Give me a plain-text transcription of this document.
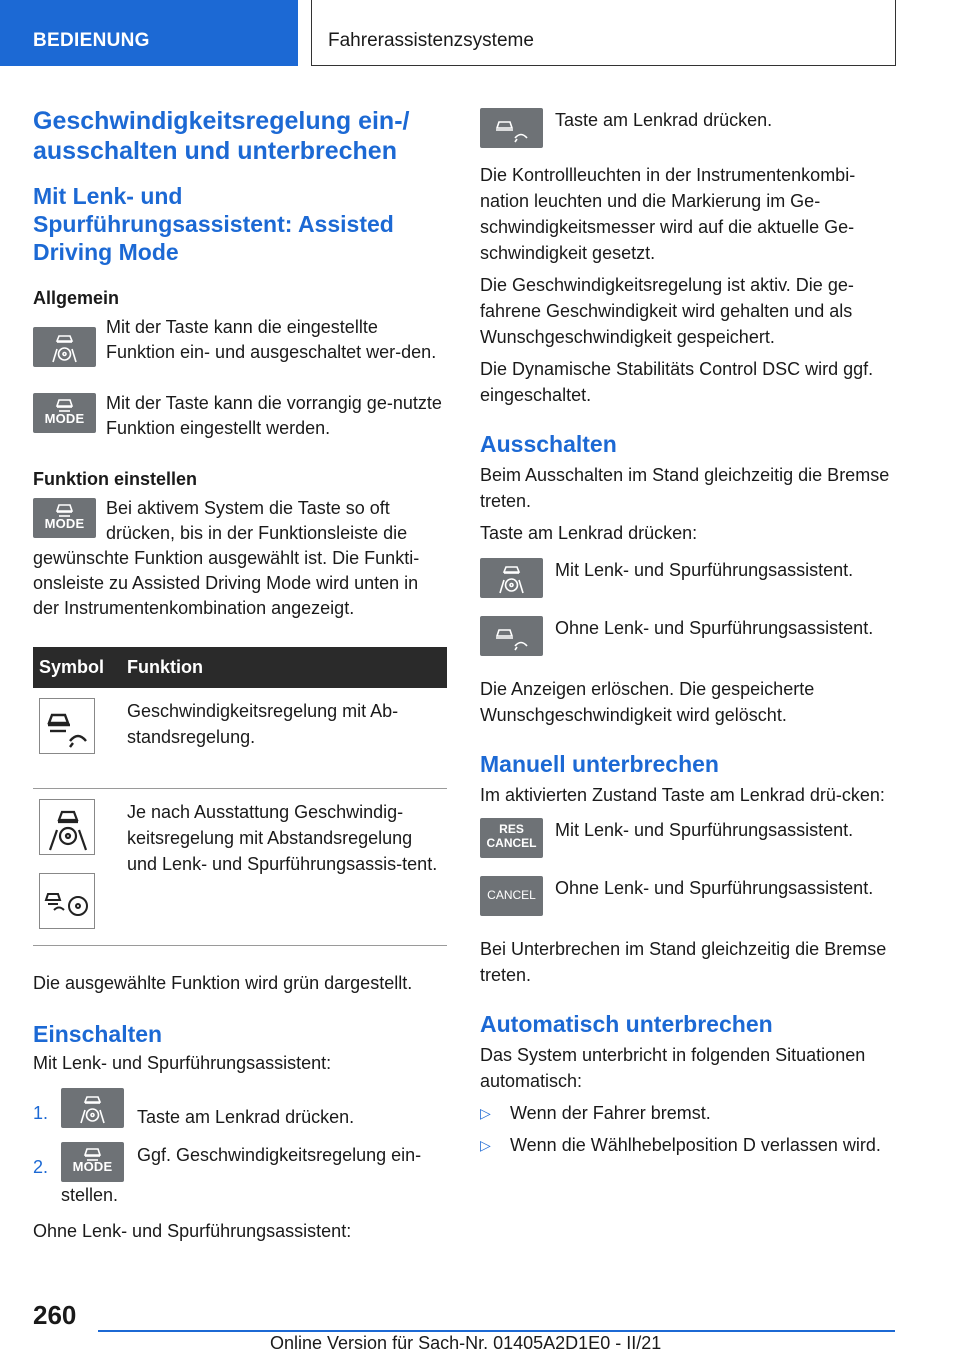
BEDIENUNG	Fahrerassistenzsysteme
Geschwindigkeitsregelung ein-/ ausschalten und unterbrechen
Mit Lenk- und Spurführungsassistent: Assisted Driving Mode
Allgemein
Mit der Taste kann die eingestellte Funktion ein- und ausgeschaltet wer-den.
MODE
Mit der Taste kann die vorrangig ge-nutzte Funktion eingestellt werden.
Funktion einstellen
MODE
Bei aktivem System die Taste so oft drücken, bis in der Funktionsleiste die gewünschte Funktion ausgewählt ist. Die Funkti-onsleiste zu Assisted Driving Mode wird unten in der Instrumentenkombination angezeigt.
Symbol	Funktion

	Geschwindigkeitsregelung mit Ab-standsregelung.

	Je nach Ausstattung Geschwindig-keitsregelung mit Abstandsregelung und Lenk- und Spurführungsassis-tent.

Die ausgewählte Funktion wird grün dargestellt.

Einschalten

Mit Lenk- und Spurführungsassistent:

1.	Taste am Lenkrad drücken.
2.	MODE
Ggf. Geschwindigkeitsregelung ein-stellen.

Ohne Lenk- und Spurführungsassistent:

Taste am Lenkrad drücken.

Die Kontrollleuchten in der Instrumentenkombi-nation leuchten und die Markierung im Ge-schwindigkeitsmesser wird auf die aktuelle Ge-schwindigkeit gesetzt.

Die Geschwindigkeitsregelung ist aktiv. Die ge-fahrene Geschwindigkeit wird gehalten und als Wunschgeschwindigkeit gespeichert.

Die Dynamische Stabilitäts Control DSC wird ggf. eingeschaltet.

Ausschalten

Beim Ausschalten im Stand gleichzeitig die Bremse treten.

Taste am Lenkrad drücken:

Mit Lenk- und Spurführungsassistent.
Ohne Lenk- und Spurführungsassistent.

Die Anzeigen erlöschen. Die gespeicherte Wunschgeschwindigkeit wird gelöscht.

Manuell unterbrechen

Im aktivierten Zustand Taste am Lenkrad drü-cken:

RES
CANCEL
Mit Lenk- und Spurführungsassistent.
CANCEL	Ohne Lenk- und Spurführungsassistent.

Bei Unterbrechen im Stand gleichzeitig die Bremse treten.

Automatisch unterbrechen

Das System unterbricht in folgenden Situationen automatisch:

▷ Wenn der Fahrer bremst.
▷ Wenn die Wählhebelposition D verlassen wird.
260
Online Version für Sach-Nr. 01405A2D1E0 - II/21
